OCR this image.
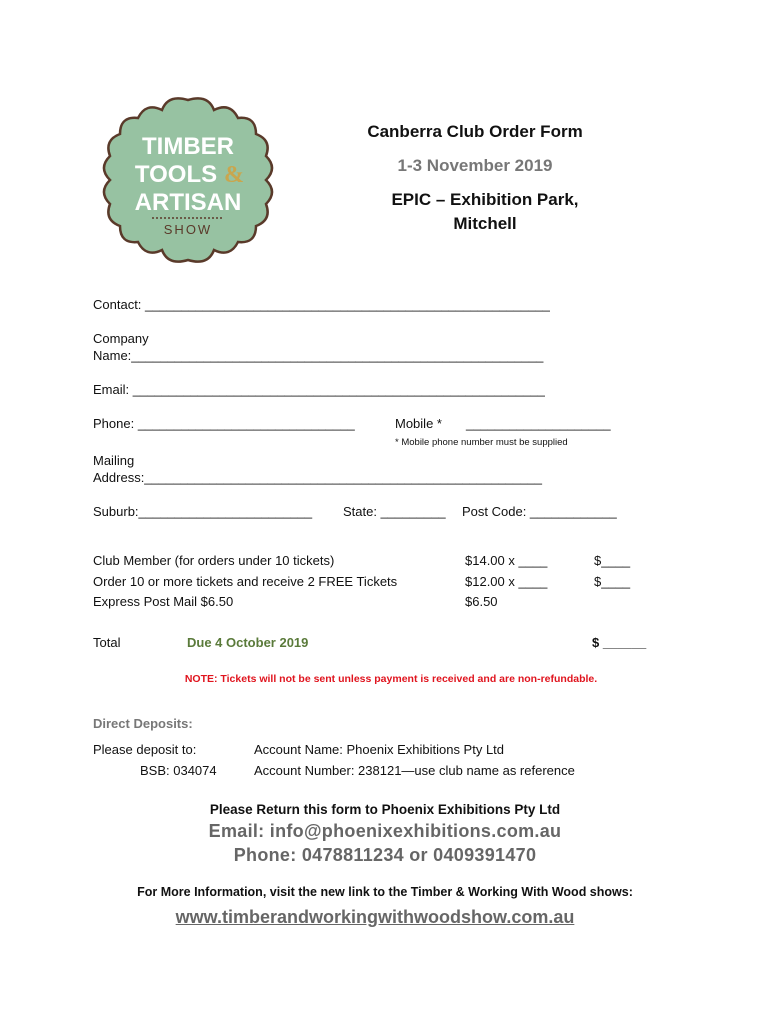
TIMBER
TOOLS &
ARTISAN
SHOW
Canberra Club Order Form
1-3 November 2019
EPIC – Exhibition Park,
Mitchell
Contact: ________________________________________________________
Company
Name:_________________________________________________________
Email: _________________________________________________________
Phone: ______________________________	Mobile * ____________________
* Mobile phone number must be supplied
Mailing
Address:_______________________________________________________
Suburb:________________________ State: _________ Post Code: ____________
Club Member (for orders under 10 tickets)	$14.00 x ____	$____
Order 10 or more tickets and receive 2 FREE Tickets	$12.00 x ____	$____
Express Post Mail $6.50	$6.50
Total	Due 4 October 2019	$ ______
NOTE: Tickets will not be sent unless payment is received and are non-refundable.
Direct Deposits:
Please deposit to:	Account Name: Phoenix Exhibitions Pty Ltd
BSB: 034074	Account Number: 238121—use club name as reference
Please Return this form to Phoenix Exhibitions Pty Ltd
Email: info@phoenixexhibitions.com.au
Phone: 0478811234 or 0409391470
For More Information, visit the new link to the Timber & Working With Wood shows:
www.timberandworkingwithwoodshow.com.au
